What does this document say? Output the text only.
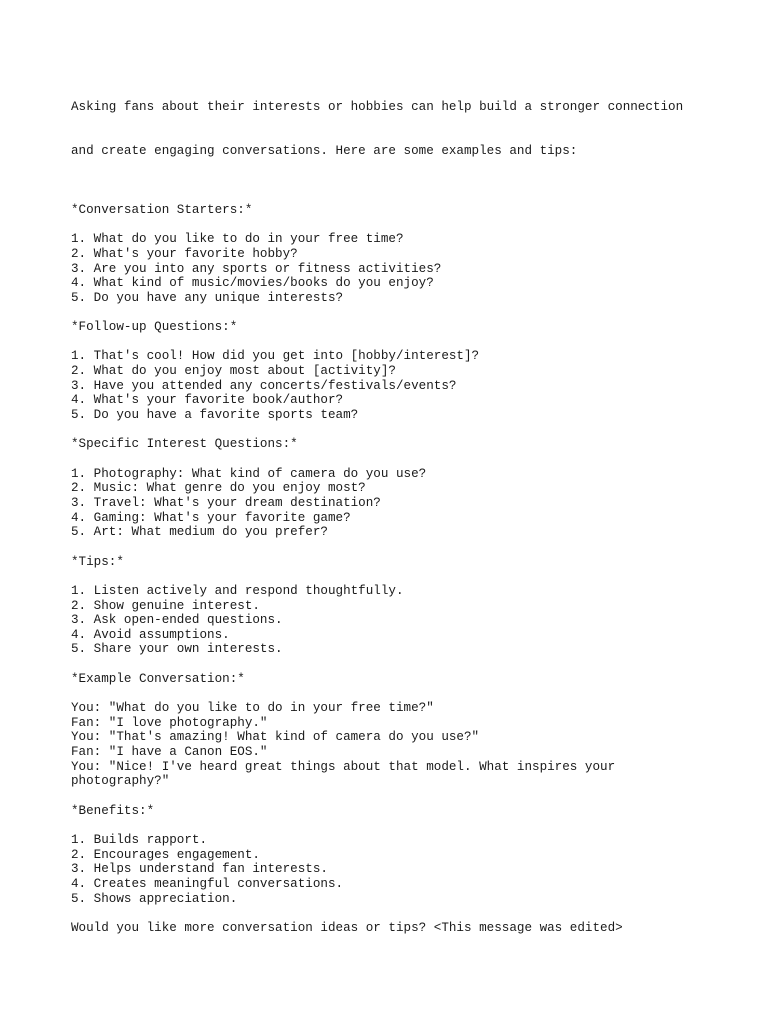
Asking fans about their interests or hobbies can help build a stronger connection

and create engaging conversations. Here are some examples and tips:

*Conversation Starters:*
1. What do you like to do in your free time?
2. What's your favorite hobby?
3. Are you into any sports or fitness activities?
4. What kind of music/movies/books do you enjoy?
5. Do you have any unique interests?
*Follow-up Questions:*
1. That's cool! How did you get into [hobby/interest]?
2. What do you enjoy most about [activity]?
3. Have you attended any concerts/festivals/events?
4. What's your favorite book/author?
5. Do you have a favorite sports team?
*Specific Interest Questions:*
1. Photography: What kind of camera do you use?
2. Music: What genre do you enjoy most?
3. Travel: What's your dream destination?
4. Gaming: What's your favorite game?
5. Art: What medium do you prefer?
*Tips:*
1. Listen actively and respond thoughtfully.
2. Show genuine interest.
3. Ask open-ended questions.
4. Avoid assumptions.
5. Share your own interests.
*Example Conversation:*
You: "What do you like to do in your free time?"
Fan: "I love photography."
You: "That's amazing! What kind of camera do you use?"
Fan: "I have a Canon EOS."
You: "Nice! I've heard great things about that model. What inspires your
photography?"
*Benefits:*
1. Builds rapport.
2. Encourages engagement.
3. Helps understand fan interests.
4. Creates meaningful conversations.
5. Shows appreciation.
Would you like more conversation ideas or tips? <This message was edited>
